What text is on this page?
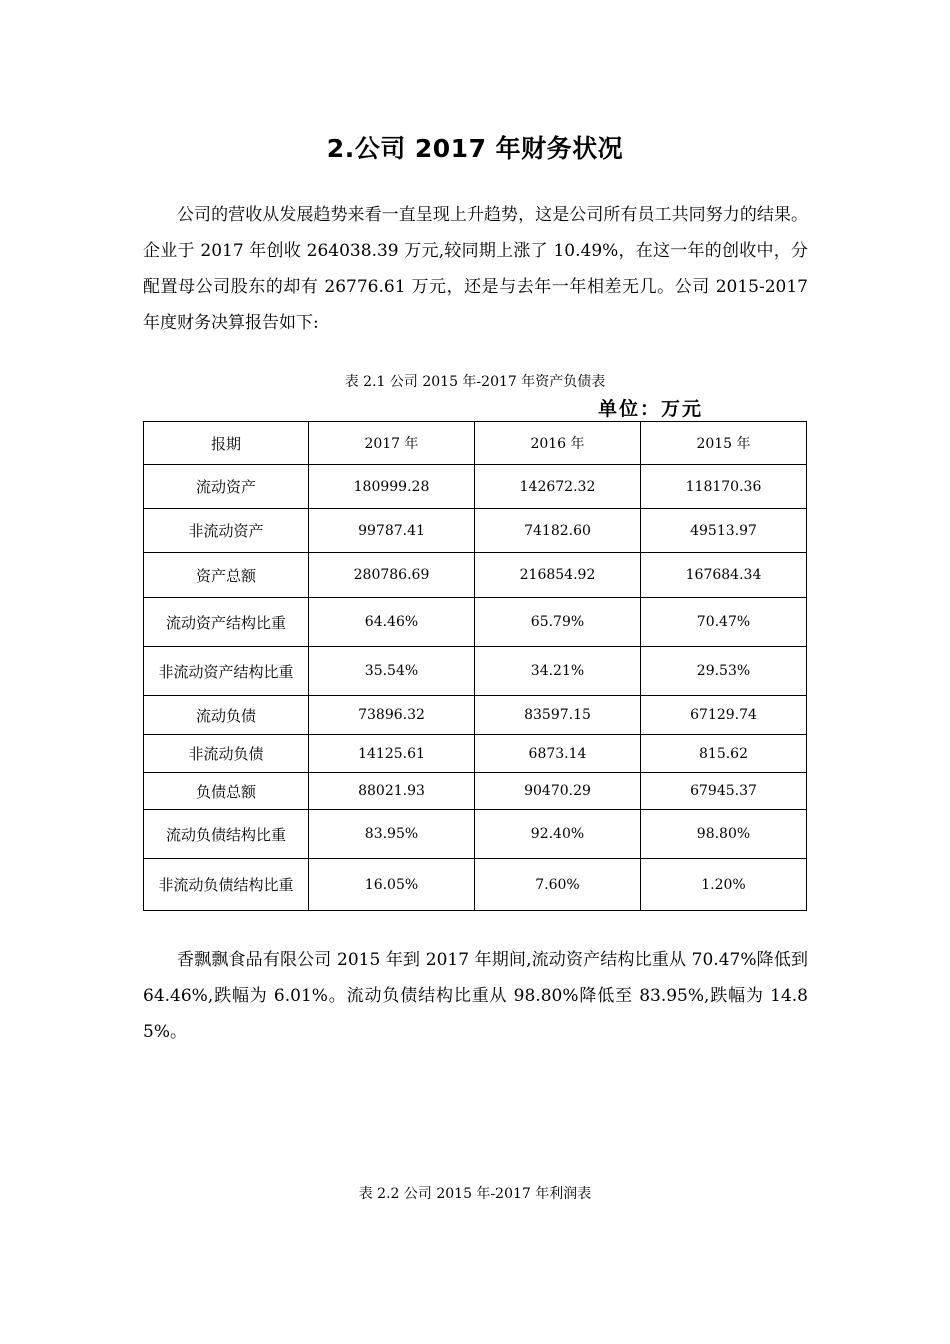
2.公司 2017 年财务状况

公司的营收从发展趋势来看一直呈现上升趋势，这是公司所有员工共同努力的结果。企业于 2017 年创收 264038.39 万元,较同期上涨了 10.49%，在这一年的创收中，分配置母公司股东的却有 26776.61 万元，还是与去年一年相差无几。公司 2015-2017 年度财务决算报告如下:

表 2.1 公司 2015 年-2017 年资产负债表
单位：万元
报期	2017 年	2016 年	2015 年
流动资产	180999.28	142672.32	118170.36
非流动资产	99787.41	74182.60	49513.97
资产总额	280786.69	216854.92	167684.34
流动资产结构比重	64.46%	65.79%	70.47%
非流动资产结构比重	35.54%	34.21%	29.53%
流动负债	73896.32	83597.15	67129.74
非流动负债	14125.61	6873.14	815.62
负债总额	88021.93	90470.29	67945.37
流动负债结构比重	83.95%	92.40%	98.80%
非流动负债结构比重	16.05%	7.60%	1.20%

香飘飘食品有限公司 2015 年到 2017 年期间,流动资产结构比重从 70.47%降低到 64.46%,跌幅为 6.01%。流动负债结构比重从 98.80%降低至 83.95%,跌幅为 14.85%。

表 2.2 公司 2015 年-2017 年利润表
